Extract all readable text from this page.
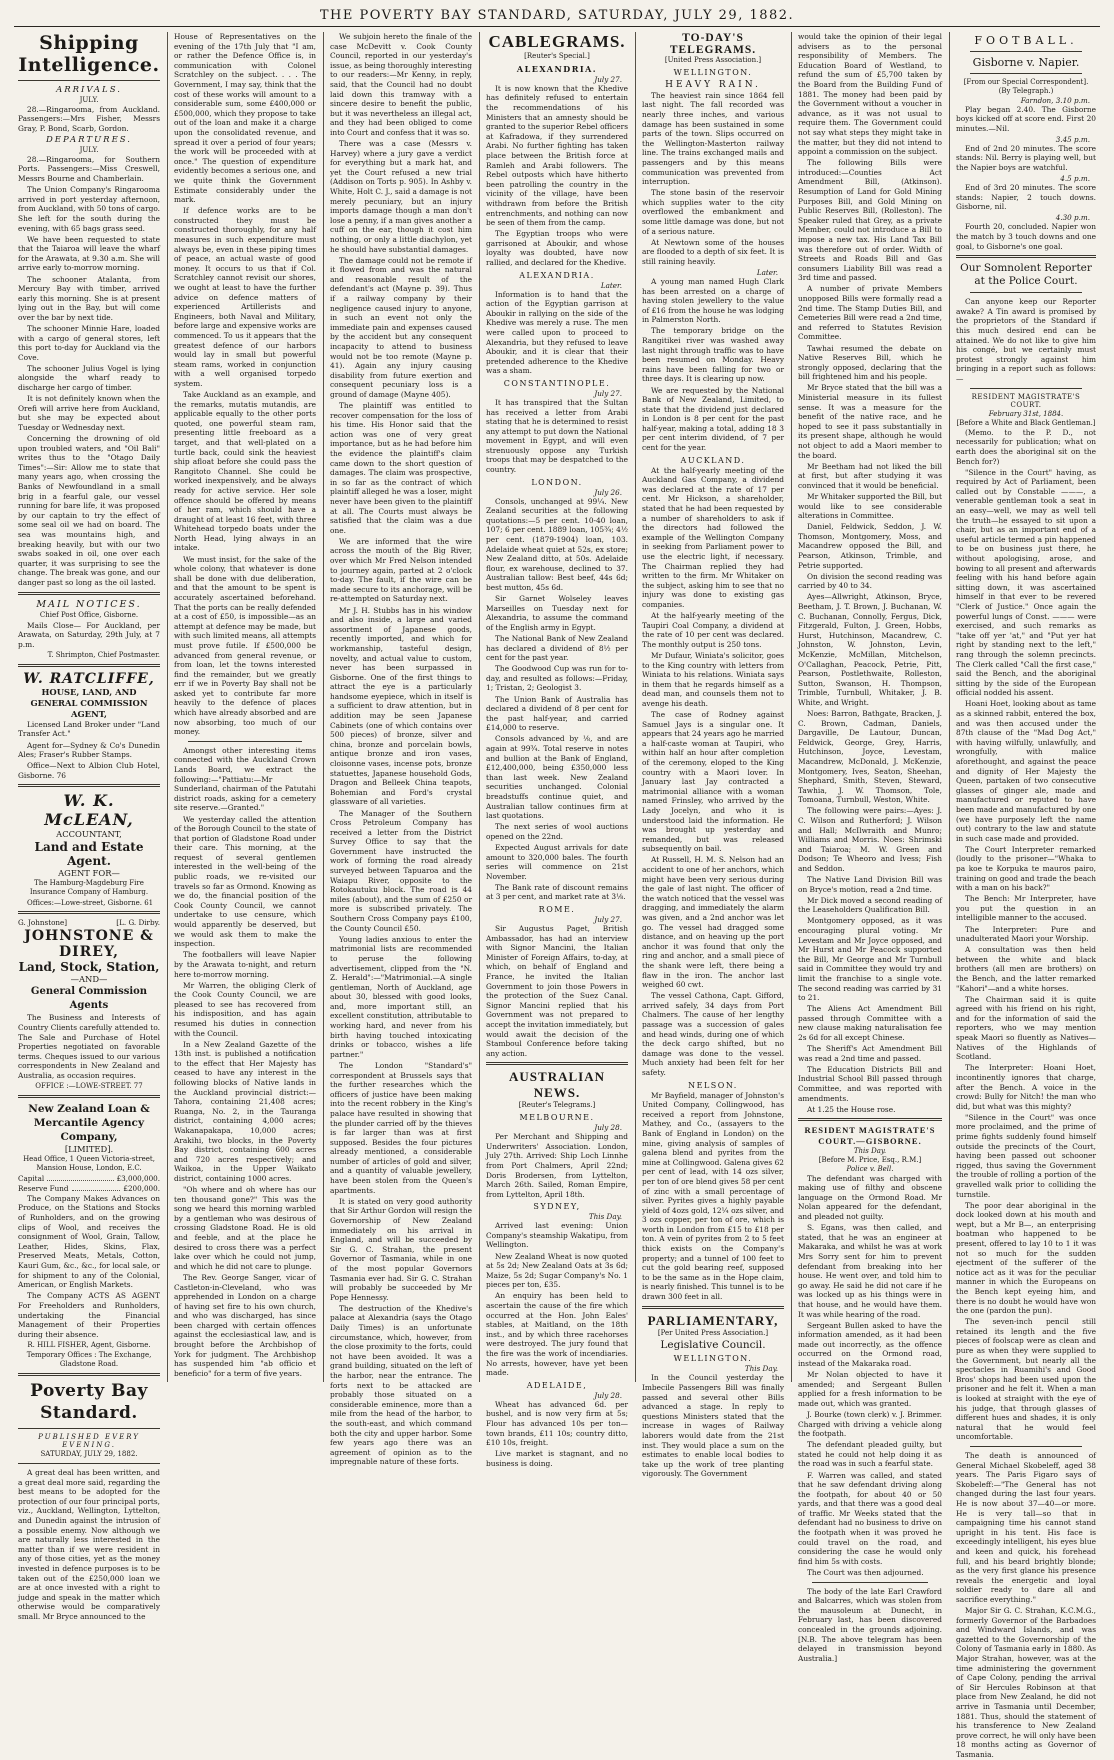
THE POVERTY BAY STANDARD, SATURDAY, JULY 29, 1882.
Shipping Intelligence.
ARRIVALS.
JULY.
28.—Ringarooma, from Auckland. Passengers:—Mrs Fisher, Messrs Gray, P. Bond, Scarb, Gordon.
DEPARTURES.
JULY.
28.—Ringarooma, for Southern Ports. Passengers:—Miss Creswell, Messrs Bourne and Chamberlain.
The Union Company's Ringarooma arrived in port yesterday afternoon, from Auckland, with 50 tons of cargo. She left for the south during the evening, with 65 bags grass seed.
We have been requested to state that the Taiaroa will leave the wharf for the Arawata, at 9.30 a.m. She will arrive early to-morrow morning.
The schooner Atalanta, from Mercury Bay with timber, arrived early this morning. She is at present lying out in the Bay, but will come over the bar by next tide.
The schooner Minnie Hare, loaded with a cargo of general stores, left this port to-day for Auckland via the Cove.
The schooner Julius Vogel is lying alongside the wharf ready to discharge her cargo of timber.
It is not definitely known when the Orefi will arrive here from Auckland, but she may be expected about Tuesday or Wednesday next.
Concerning the drowning of old upon troubled waters, and "Oil Bali" writes thus to the "Otago Daily Times":—Sir: Allow me to state that many years ago, when crossing the Banks of Newfoundland in a small brig in a fearful gale, our vessel running for bare life, it was proposed by our captain to try the effect of some seal oil we had on board. The sea was mountains high, and breaking heavily, but with our two swabs soaked in oil, one over each quarter, it was surprising to see the change. The break was gone, and our danger past so long as the oil lasted.
MAIL NOTICES.
Chief Post Office, Gisborne.
Mails Close— For Auckland, per Arawata, on Saturday, 29th July, at 7 p.m.
T. Shrimpton, Chief Postmaster.
W. RATCLIFFE,
HOUSE, LAND, AND GENERAL COMMISSION AGENT,
Licensed Land Broker under "Land Transfer Act."
Agent for—Sydney & Co's Dunedin Ales; Fraser's Rubber Stamps.
Office—Next to Albion Club Hotel, Gisborne. 76
W. K. McLEAN,
ACCOUNTANT,
Land and Estate Agent.
AGENT FOR—
The Hamburg-Magdeburg Fire Insurance Company of Hamburg.
Offices:—Lowe-street, Gisborne. 61
G. Johnstone]	[L. G. Dirby.
JOHNSTONE & DIREY,
Land, Stock, Station,
—AND—
General Commission Agents
The Business and Interests of Country Clients carefully attended to. The Sale and Purchase of Hotel Properties negotiated on favorable terms. Cheques issued to our various correspondents in New Zealand and Australia, as occasion requires.
OFFICE :—LOWE-STREET. 77
New Zealand Loan & Mercantile Agency Company,
[LIMITED].
Head Office, 1 Queen Victoria-street, Mansion House, London, E.C.
Capital	£3,000,000.
Reserve Fund	£200,000.
The Company Makes Advances on Produce, on the Stations and Stocks of Runholders, and on the growing clips of Wool, and receives the consignment of Wool, Grain, Tallow, Leather, Hides, Skins, Flax, Preserved Meats, Metals, Cotton, Kauri Gum, &c., &c., for local sale, or for shipment to any of the Colonial, American, or English Markets.
The Company ACTS AS AGENT For Freeholders and Runholders, undertaking the Financial Management of their Properties during their absence.
R. HILL FISHER, Agent, Gisborne.
Temporary Offices : The Exchange, Gladstone Road.
Poverty Bay Standard.
PUBLISHED EVERY EVENING.
SATURDAY, JULY 29, 1882.
A great deal has been written, and a great deal more said, regarding the best means to be adopted for the protection of our four principal ports, viz., Auckland, Wellington, Lyttelton, and Dunedin against the intrusion of a possible enemy. Now although we are naturally less interested in the matter than if we were resident in any of those cities, yet as the money invested in defence purposes is to be taken out of the £250,000 loan we are at once invested with a right to judge and speak in the matter which otherwise would be comparatively small. Mr Bryce announced to the
House of Representatives on the evening of the 17th July that "I am, or rather the Defence Office is, in communication with Colonel Scratchley on the subject. . . . The Government, I may say, think that the cost of these works will amount to a considerable sum, some £400,000 or £500,000, which they propose to take out of the loan and make it a charge upon the consolidated revenue, and spread it over a period of four years; the work will be proceeded with at once." The question of expenditure evidently becomes a serious one, and we quite think the Government Estimate considerably under the mark.
If defence works are to be constructed they must be constructed thoroughly, for any half measures in such expenditure must always be, even in these piping times of peace, an actual waste of good money. It occurs to us that if Col. Scratchley cannot revisit our shores, we ought at least to have the further advice on defence matters of experienced Artillerists and Engineers, both Naval and Military, before large and expensive works are commenced. To us it appears that the greatest defence of our harbors would lay in small but powerful steam rams, worked in conjunction with a well organised torpedo system.
Take Auckland as an example, and the remarks, mutatis mutandis, are applicable equally to the other ports quoted, one powerful steam ram, presenting little freeboard as a target, and that well-plated on a turtle back, could sink the heaviest ship afloat before she could pass the Rangitoto Channel. She could be worked inexpensively, and be always ready for active service. Her sole offence should be offered by means of her ram, which should have a draught of at least 16 feet, with three Whitehead torpedo boats under the North Head, lying always in an intake.
We must insist, for the sake of the whole colony, that whatever is done shall be done with due deliberation, and that the amount to be spent is accurately ascertained beforehand. That the ports can be really defended at a cost of £50, is impossible—as an attempt at defence may be made, but with such limited means, all attempts must prove futile. If £500,000 be advanced from general revenue, or from loan, let the towns interested find the remainder, but we greatly err if we in Poverty Bay shall not be asked yet to contribute far more heavily to the defence of places which have already absorbed and are now absorbing, too much of our money.
Amongst other interesting items connected with the Auckland Crown Lands Board, we extract the following:—"Pattiatu:—Mr Sunderland, chairman of the Patutahi district roads, asking for a cemetery site reserve.—Granted."
We yesterday called the attention of the Borough Council to the state of that portion of Gladstone Road under their care. This morning, at the request of several gentlemen interested in the well-being of the public roads, we re-visited our travels so far as Ormond. Knowing as we do, the financial position of the Cook County Council, we cannot undertake to use censure, which would apparently be deserved, but we would ask them to make the inspection.
The footballers will leave Napier by the Arawata to-night, and return here to-morrow morning.
Mr Warren, the obliging Clerk of the Cook County Council, we are pleased to see has recovered from his indisposition, and has again resumed his duties in connection with the Council.
In a New Zealand Gazette of the 13th inst. is published a notification to the effect that Her Majesty has ceased to have any interest in the following blocks of Native lands in the Auckland provincial district:—Tahora, containing 21,408 acres; Ruanga, No. 2, in the Tauranga district, containing 4,000 acres; Wakanapakapa, 10,000 acres; Arakihi, two blocks, in the Poverty Bay district, containing 600 acres and 720 acres respectively; and Waikoa, in the Upper Waikato district, containing 1000 acres.
"Oh where and oh where has our ten thousand gone?" This was the song we heard this morning warbled by a gentleman who was desirous of crossing Gladstone Road. He is old and feeble, and at the place he desired to cross there was a perfect lake over which he could not jump, and which he did not care to plunge.
The Rev. George Sanger, vicar of Castleton-in-Cleveland, who was apprehended in London on a charge of having set fire to his own church, and who was discharged, has since been charged with certain offences against the ecclesiastical law, and is brought before the Archbishop of York for judgment. The Archbishop has suspended him "ab officio et beneficio" for a term of five years.
We subjoin hereto the finale of the case McDevitt v. Cook County Council, reported in our yesterday's issue, as being thoroughly interesting to our readers:—Mr Kenny, in reply, said, that the Council had no doubt laid down this tramway with a sincere desire to benefit the public, but it was nevertheless an illegal act, and they had been obliged to come into Court and confess that it was so.
There was a case (Messrs v. Harvey) where a jury gave a verdict for everything but a mark hat, and yet the Court refused a new trial (Addison on Torts p. 905). In Ashby v. White, Holt C. J., said a damage is not merely pecuniary, but an injury imports damage though a man don't lose a penny, if a man gives another a cuff on the ear, though it cost him nothing, or only a little diachylon, yet he should have substantial damages.
The damage could not be remote if it flowed from and was the natural and reasonable result of the defendant's act (Mayne p. 39). Thus if a railway company by their negligence caused injury to anyone, in such an event not only the immediate pain and expenses caused by the accident but any consequent incapacity to attend to business would not be too remote (Mayne p. 41). Again any injury causing disability from future exertion and consequent pecuniary loss is a ground of damage (Mayne 405).
The plaintiff was entitled to recover compensation for the loss of his time. His Honor said that the action was one of very great importance, but as he had before him the evidence the plaintiff's claim came down to the short question of damages. The claim was prospective, in so far as the contract of which plaintiff alleged he was a loser, might never have been given to the plaintiff at all. The Courts must always be satisfied that the claim was a due one.
We are informed that the wire across the mouth of the Big River, over which Mr Fred Nelson intended to journey again, parted at 2 o'clock to-day. The fault, if the wire can be made secure to its anchorage, will be re-attempted on Saturday next.
Mr J. H. Stubbs has in his window and also inside, a large and varied assortment of Japanese goods, recently imported, and which for workmanship, tasteful design, novelty, and actual value to custom, never has been surpassed in Gisborne. One of the first things to attract the eye is a particularly handsome eyepiece, which in itself is a sufficient to draw attention, but in addition may be seen Japanese Cabinets (one of which contains over 500 pieces) of bronze, silver and china, bronze and porcelain bowls, antique bronze and iron vases, cloisonne vases, incense pots, bronze statuettes, Japanese household Gods, Dragon and Belleek China teapots, Bohemian and Ford's crystal glassware of all varieties.
The Manager of the Southern Cross Petroleum Company has received a letter from the District Survey Office to say that the Government have instructed the work of forming the road already surveyed between Tapuaroa and the Waiapu River, opposite to the Rotokautuku block. The road is 44 miles (about), and the sum of £250 or more is subscribed privately. The Southern Cross Company pays £100, the County Council £50.
Young ladies anxious to enter the matrimonial lists are recommended to peruse the following advertisement, clipped from the "N. Z. Herald":—"Matrimonial.—A single gentleman, North of Auckland, age about 30, blessed with good looks, and, more important still, an excellent constitution, attributable to working hard, and never from his birth having touched intoxicating drinks or tobacco, wishes a life partner."
The London "Standard's" correspondent at Brussels says that the further researches which the officers of justice have been making into the recent robbery in the King's palace have resulted in showing that the plunder carried off by the thieves is far larger than was at first supposed. Besides the four pictures already mentioned, a considerable number of articles of gold and silver, and a quantity of valuable jewellery, have been stolen from the Queen's apartments.
It is stated on very good authority that Sir Arthur Gordon will resign the Governorship of New Zealand immediately on his arrival in England, and will be succeeded by Sir G. C. Strahan, the present Governor of Tasmania, while in one of the most popular Governors Tasmania ever had. Sir G. C. Strahan will probably be succeeded by Mr Pope Hennessy.
The destruction of the Khedive's palace at Alexandria (says the Otago Daily Times) is an unfortunate circumstance, which, however, from the close proximity to the forts, could not have been avoided. It was a grand building, situated on the left of the harbor, near the entrance. The forts next to be attacked are probably those situated on a considerable eminence, more than a mile from the head of the harbor, to the south-east, and which command both the city and upper harbor. Some few years ago there was an agreement of opinion as to the impregnable nature of these forts.
CABLEGRAMS.
[Reuter's Special.]
ALEXANDRIA.
July 27.
It is now known that the Khedive has definitely refused to entertain the recommendations of his Ministers that an amnesty should be granted to the superior Rebel officers at Kafradowa, if they surrendered Arabi. No further fighting has taken place between the British force at Ramleh and Arabi followers. The Rebel outposts which have hitherto been patrolling the country in the vicinity of the village, have been withdrawn from before the British entrenchments, and nothing can now be seen of them from the camp.
The Egyptian troops who were garrisoned at Aboukir, and whose loyalty was doubted, have now rallied, and declared for the Khedive.
ALEXANDRIA.
Later.
Information is to hand that the action of the Egyptian garrison at Aboukir in rallying on the side of the Khedive was merely a ruse. The men were called upon to proceed to Alexandria, but they refused to leave Aboukir, and it is clear that their pretended adherence to the Khedive was a sham.
CONSTANTINOPLE.
July 27.
It has transpired that the Sultan has received a letter from Arabi stating that he is determined to resist any attempt to put down the National movement in Egypt, and will even strenuously oppose any Turkish troops that may be despatched to the country.
LONDON.
July 26.
Consols, unchanged at 99¼. New Zealand securities at the following quotations:—5 per cent. 10-40 loan, 107; 6 per cent. 1889 loan, 105¾; 4½ per cent. (1879-1904) loan, 103. Adelaide wheat quiet at 52s, ex store; New Zealand ditto, at 50s. Adelaide flour, ex warehouse, declined to 37. Australian tallow: Best beef, 44s 6d; best mutton, 45s 6d.
Sir Garnet Wolseley leaves Marseilles on Tuesday next for Alexandria, to assume the command of the English army in Egypt.
The National Bank of New Zealand has declared a dividend of 8½ per cent for the past year.
The Goodwood Cup was run for to-day, and resulted as follows:—Friday, 1; Tristan, 2; Geologist 3.
The Union Bank of Australia has declared a dividend of 8 per cent for the past half-year, and carried £14,000 to reserve.
Consols advanced by ⅛, and are again at 99¾. Total reserve in notes and bullion at the Bank of England, £12,400,000, being £350,000 less than last week. New Zealand securities unchanged. Colonial breadstuffs continue quiet, and Australian tallow continues firm at last quotations.
The next series of wool auctions opened on the 22nd.
Expected August arrivals for date amount to 320,000 bales. The fourth series will commence on 21st November.
The Bank rate of discount remains at 3 per cent, and market rate at 3⅛.
ROME.
July 27.
Sir Augustus Paget, British Ambassador, has had an interview with Signor Mancini, the Italian Minister of Foreign Affairs, to-day, at which, on behalf of England and France, he invited the Italian Government to join those Powers in the protection of the Suez Canal. Signor Mancini replied that his Government was not prepared to accept the invitation immediately, but would await the decision of the Stamboul Conference before taking any action.
AUSTRALIAN NEWS.
[Reuter's Telegrams.]
MELBOURNE.
July 28.
Per Merchant and Shipping and Underwriters' Association. London, July 27th. Arrived: Ship Loch Linnhe from Port Chalmers, April 22nd; Doris Brodersen, from Lyttelton, March 26th. Sailed, Roman Empire, from Lyttelton, April 18th.
SYDNEY,
This Day.
Arrived last evening: Union Company's steamship Wakatipu, from Wellington.
New Zealand Wheat is now quoted at 5s 2d; New Zealand Oats at 3s 6d; Maize, 5s 2d; Sugar Company's No. 1 pieces per ton, £35.
An enquiry has been held to ascertain the cause of the fire which occurred at the Hon. John Eales' stables, at Maitland, on the 18th inst., and by which three racehorses were destroyed. The jury found that the fire was the work of incendiaries. No arrests, however, have yet been made.
ADELAIDE,
July 28.
Wheat has advanced 6d. per bushel, and is now very firm at 5s; Flour has advanced 10s per ton—town brands, £11 10s; country ditto, £10 10s, freight.
Live market is stagnant, and no business is doing.
TO-DAY'S TELEGRAMS.
[United Press Association.]
WELLINGTON.
HEAVY RAIN.
The heaviest rain since 1864 fell last night. The fall recorded was nearly three inches, and various damage has been sustained in some parts of the town. Slips occurred on the Wellington-Masterton railway line. The trains exchanged mails and passengers and by this means communication was prevented from interruption.
The stone basin of the reservoir which supplies water to the city overflowed the embankment and some little damage was done, but not of a serious nature.
At Newtown some of the houses are flooded to a depth of six feet. It is still raining heavily.
Later.
A young man named Hugh Clark has been arrested on a charge of having stolen jewellery to the value of £16 from the house he was lodging in Palmerston North.
The temporary bridge on the Rangitikei river was washed away last night through traffic was to have been resumed on Monday. Heavy rains have been falling for two or three days. It is clearing up now.
We are requested by the National Bank of New Zealand, Limited, to state that the dividend just declared in London is 8 per cent for the past half-year, making a total, adding 18 3 per cent interim dividend, of 7 per cent for the year.
AUCKLAND.
At the half-yearly meeting of the Auckland Gas Company, a dividend was declared at the rate of 17 per cent. Mr Hickson, a shareholder, stated that he had been requested by a number of shareholders to ask if the directors had followed the example of the Wellington Company in seeking from Parliament power to use the electric light, if necessary. The Chairman replied they had written to the firm. Mr Whitaker on the subject, asking him to see that no injury was done to existing gas companies.
At the half-yearly meeting of the Taupiri Coal Company, a dividend at the rate of 10 per cent was declared. The monthly output is 250 tons.
Mr Dufaur, Winiata's solicitor, goes to the King country with letters from Winiata to his relations. Winiata says in them that he regards himself as a dead man, and counsels them not to avenge his death.
The case of Rodney against Samuel Jays is a singular one. It appears that 24 years ago he married a half-caste woman at Taupiri, who within half an hour after completion of the ceremony, eloped to the King country with a Maori lover. In January last Jay contracted a matrimonial alliance with a woman named Frinsley, who arrived by the Lady Jocelyn, and who it is understood laid the information. He was brought up yesterday and remanded, but was released subsequently on bail.
At Russell, H. M. S. Nelson had an accident to one of her anchors, which might have been very serious during the gale of last night. The officer of the watch noticed that the vessel was dragging, and immediately the alarm was given, and a 2nd anchor was let go. The vessel had dragged some distance, and on heaving up the port anchor it was found that only the ring and anchor, and a small piece of the shank were left, there being a flaw in the iron. The anchor last weighed 60 cwt.
The vessel Cathona, Capt. Gifford, arrived safely, 34 days from Port Chalmers. The cause of her lengthy passage was a succession of gales and head winds, during one of which the deck cargo shifted, but no damage was done to the vessel. Much anxiety had been felt for her safety.
NELSON.
Mr Bayfield, manager of Johnston's United Company, Collingwood, has received a report from Johnstone, Mathey, and Co., (assayers to the Bank of England in London) on the mine, giving analysis of samples of galena blend and pyrites from the mine at Collingwood. Galena gives 62 per cent of lead, with 14 ozs silver, per ton of ore blend gives 58 per cent of zinc with a small percentage of silver. Pyrites gives a highly payable yield of 4ozs gold, 12¼ ozs silver, and 3 ozs copper, per ton of ore, which is worth in London from £15 to £18 per ton. A vein of pyrites from 2 to 5 feet thick exists on the Company's property; and a tunnel of 100 feet to cut the gold bearing reef, supposed to be the same as in the Hope claim, is nearly finished. This tunnel is to be drawn 300 feet in all.
PARLIAMENTARY,
[Per United Press Association.]
Legislative Council.
WELLINGTON.
This Day.
In the Council yesterday the Imbecile Passengers Bill was finally passed and several other Bills advanced a stage. In reply to questions Ministers stated that the increase in wages of Railway laborers would date from the 21st inst. They would place a sum on the estimates to enable local bodies to take up the work of tree planting vigorously. The Government
would take the opinion of their legal advisers as to the personal responsibility of Members. The Education Board of Westland, to refund the sum of £5,700 taken by the Board from the Building Fund of 1881. The money had been paid by the Government without a voucher in advance, as it was not usual to require them. The Government could not say what steps they might take in the matter, but they did not intend to appoint a commission on the subject.
The following Bills were introduced:—Counties Act Amendment Bill, (Atkinson). Resumption of Land for Gold Mining Purposes Bill, and Gold Mining on Public Reserves Bill, (Rolleston). The Speaker ruled that Grey, as a private Member, could not introduce a Bill to impose a new tax. His Land Tax Bill was therefore out of order. Width of Streets and Roads Bill and Gas consumers Liability Bill was read a 3rd time and passed.
A number of private Members unopposed Bills were formally read a 2nd time. The Stamp Duties Bill, and Cemeteries Bill were read a 2nd time, and referred to Statutes Revision Committee.
Tawhai resumed the debate on Native Reserves Bill, which he strongly opposed, declaring that the bill frightened him and his people.
Mr Bryce stated that the bill was a Ministerial measure in its fullest sense. It was a measure for the benefit of the native race, and he hoped to see it pass substantially in its present shape, although he would not object to add a Maori member to the board.
Mr Beetham had not liked the bill at first, but after studying it was convinced that it would be beneficial.
Mr Whitaker supported the Bill, but would like to see considerable alterations in Committee.
Daniel, Feldwick, Seddon, J. W. Thomson, Montgomery, Moss, and Macandrew opposed the Bill, and Pearson, Atkinson, Trimble, and Petrie supported.
On division the second reading was carried by 40 to 34.
Ayes—Allwright, Atkinson, Bryce, Beetham, J. T. Brown, J. Buchanan, W. C. Buchanan, Connolly, Fergus, Dick, Fitzgerald, Fulton, J. Green, Hobbs, Hurst, Hutchinson, Macandrew, C. Johnston, W. Johnston, Levin, McKenzie, McMillan, Mitchelson, O'Callaghan, Peacock, Petrie, Pitt, Pearson, Postlethwaite, Rolleston, Sutton, Swanson, H. Thompson, Trimble, Turnbull, Whitaker, J. B. White, and Wright.
Noes: Barron, Bathgate, Bracken, J. C. Brown, Cadman, Daniels, Dargaville, De Lautour, Duncan, Feldwick, George, Grey, Harris, Hutchinson, Joyce, Levestam, Macandrew, McDonald, J. McKenzie, Montgomery, Ives, Seaton, Sheehan, Shephard, Smith, Steven, Steward, Tawhia, J. W. Thomson, Tole, Tomoana, Turnbull, Weston, White.
The following were pairs:—Ayes: J. C. Wilson and Rutherford; J. Wilson and Hall; McIlwraith and Munro; Williams and Morris. Noes: Shrimski and Taiaroa; M. W. Green and Dodson; Te Wheoro and Ivess; Fish and Seddon.
The Native Land Division Bill was on Bryce's motion, read a 2nd time.
Mr Dick moved a second reading of the Leaseholders Qualification Bill.
Montgomery opposed, as it was encouraging plural voting. Mr Levestam and Mr Joyce opposed, and Mr Hurst and Mr Peacock supported the Bill, Mr George and Mr Turnbull said in Committee they would try and limit the franchise to a single vote. The second reading was carried by 31 to 21.
The Aliens Act Amendment Bill passed through Committee with a new clause making naturalisation fee 2s 6d for all except Chinese.
The Sheriff's Act Amendment Bill was read a 2nd time and passed.
The Education Districts Bill and Industrial School Bill passed through Committee, and was reported with amendments.
At 1.25 the House rose.
RESIDENT MAGISTRATE'S COURT.—GISBORNE.
This Day.
[Before M. Price, Esq., R.M.]
Police v. Bell.
The defendant was charged with making use of filthy and obscene language on the Ormond Road. Mr Nolan appeared for the defendant, and pleaded not guilty.
S. Egans, was then called, and stated, that he was an engineer at Makaraka, and whilst he was at work Mrs Sorry sent for him to prevent defendant from breaking into her house. He went over, and told him to go away. He said he did not care if he was locked up as his things were in that house, and he would have them. It was while hearing of the road.
Sergeant Bullen asked to have the information amended, as it had been made out incorrectly, as the offence occurred on the Ormond road, instead of the Makaraka road.
Mr Nolan objected to have it amended; and Sergeant Bullen applied for a fresh information to be made out, which was granted.
J. Bourke (town clerk) v. J. Brimmer. Charged with driving a vehicle along the footpath.
The defendant pleaded guilty, but stated he could not help doing it as the road was in such a fearful state.
F. Warren was called, and stated that he saw defendant driving along the footpath, for about 40 or 50 yards, and that there was a good deal of traffic. Mr Weeks stated that the defendant had no business to drive on the footpath when it was proved he could travel on the road, and considering the case he would only find him 5s with costs.
The Court was then adjourned.
The body of the late Earl Crawford and Balcarres, which was stolen from the mausoleum at Dunecht, in February last, has been discovered concealed in the grounds adjoining. [N.B. The above telegram has been delayed in transmission beyond Australia.]
FOOTBALL.
Gisborne v. Napier.
[From our Special Correspondent].
(By Telegraph.)
Farndon, 3.10 p.m.
Play began 2.40. The Gisborne boys kicked off at score end. First 20 minutes.—Nil.
3.45 p.m.
End of 2nd 20 minutes. The score stands: Nil. Berry is playing well, but the Napier boys are watchful.
4.5 p.m.
End of 3rd 20 minutes. The score stands: Napier, 2 touch downs. Gisborne, nil.
4.30 p.m.
Fourth 20, concluded. Napier won the match by 3 touch downs and one goal, to Gisborne's one goal.
Our Somnolent Reporter at the Police Court.
Can anyone keep our Reporter awake? A Tin award is promised by the proprietors of the Standard if this much desired end can be attained. We do not like to give him his congé, but we certainly must protest strongly against him bringing in a report such as follows:—
RESIDENT MAGISTRATE'S COURT.
February 31st, 1884.
[Before a White and Black Gentleman.]
(Memo. to the P. D., not necessarily for publication; what on earth does the aboriginal sit on the Bench for?)
"Silence in the Court" having, as required by Act of Parliament, been called out by Constable ———, a venerable gentleman took a seat in an easy—well, we may as well tell the truth—he essayed to sit upon a chair, but as an important end of a useful article termed a pin happened to be on business just there, he without apologising, arose, and bowing to all present and afterwards feeling with his hand before again sitting down, it was ascertained himself in that ever to be revered "Clerk of Justice." Once again the powerful lungs of Const. ——— were exercised, and such remarks as "take off yer 'at," and "Put yer hat right by standing next to the left," rang through the solemn precincts. The Clerk called "Call the first case," said the Bench, and the aboriginal sitting by the side of the European official nodded his assent.
Hoani Hoet, looking about as tame as a skinned rabbit, entered the box, and was then accused under the 87th clause of the "Mad Dog Act," with having wilfully, unlawfully, and wrongfully, with malice aforethought, and against the peace and dignity of Her Majesty the Queen, partaken of two consecutive glasses of ginger ale, made and manufactured or reputed to have been made and manufactured by one (we have purposely left the name out) contrary to the law and statute in such case made and provided.
The Court Interpreter remarked (loudly to the prisoner—"Whaka to pa koe te Korpuka te mauros pairo, training on good and trade the beach with a man on his back?"
The Bench: Mr Interpreter, have you put the question in an intelligible manner to the accused.
The Interpreter: Pure and unadulterated Maori your Worship.
A consultation was then held between the white and black brothers (all men are brothers) on the Bench, and the latter remarked "Kahori"—and a white horses.
The Chairman said it is quite agreed with his friend on his right, and for the information of said the reporters, who we may mention speak Maori so fluently as Natives—Natives of the Highlands of Scotland.
The Interpreter: Hoani Hoet, incontinently ignores that charge, after the Bench. A voice in the crowd: Bully for Nitch! the man who did, but what was this mighty?
"Silence in the Court" was once more proclaimed, and the prime of prime fights suddenly found himself outside the precincts of the Court, having been passed out schooner rigged, thus saving the Government the trouble of rolling a portion of the gravelled walk prior to colliding the turnstile.
The poor dear aboriginal in the dock looked down at his mouth and wept, but a Mr B—, an enterprising boatman who happened to be present, offered to lay 10 to 1 it was not so much for the sudden ejectment of the sufferer of the notice act as it was for the peculiar manner in which the Europeans on the Bench kept eyeing him, and there is no doubt he would have won the one (pardon the pun).
The seven-inch pencil still retained its length and the five pieces of foolscap were as clean and pure as when they were supplied to the Government, but nearly all the spectacles in Ruamihi's and Good Bros' shops had been used upon the prisoner and he felt it. When a man is looked at straight with the eye of his judge, that through glasses of different hues and shades, it is only natural that he would feel uncomfortable.
The death is announced of General Michael Skobeleff, aged 38 years. The Paris Figaro says of Skobeleff:—"The General has not changed during the last four years. He is now about 37—40—or more. He is very tall—so that in campaigning time his cannot stand upright in his tent. His face is exceedingly intelligent, his eyes blue and keen and quick, his forehead full, and his beard brightly blonde; as the very first glance his presence reveals the energetic and loyal soldier ready to dare all and sacrifice everything."
Major Sir G. C. Strahan, K.C.M.G., formerly Governor of the Barbadoes and Windward Islands, and was gazetted to the Governorship of the Colony of Tasmania early in 1880. As Major Strahan, however, was at the time administering the government of Cape Colony, pending the arrival of Sir Hercules Robinson at that place from New Zealand, he did not arrive in Tasmania until December, 1881. Thus, should the statement of his transference to New Zealand prove correct, he will only have been 18 months acting as Governor of Tasmania.
